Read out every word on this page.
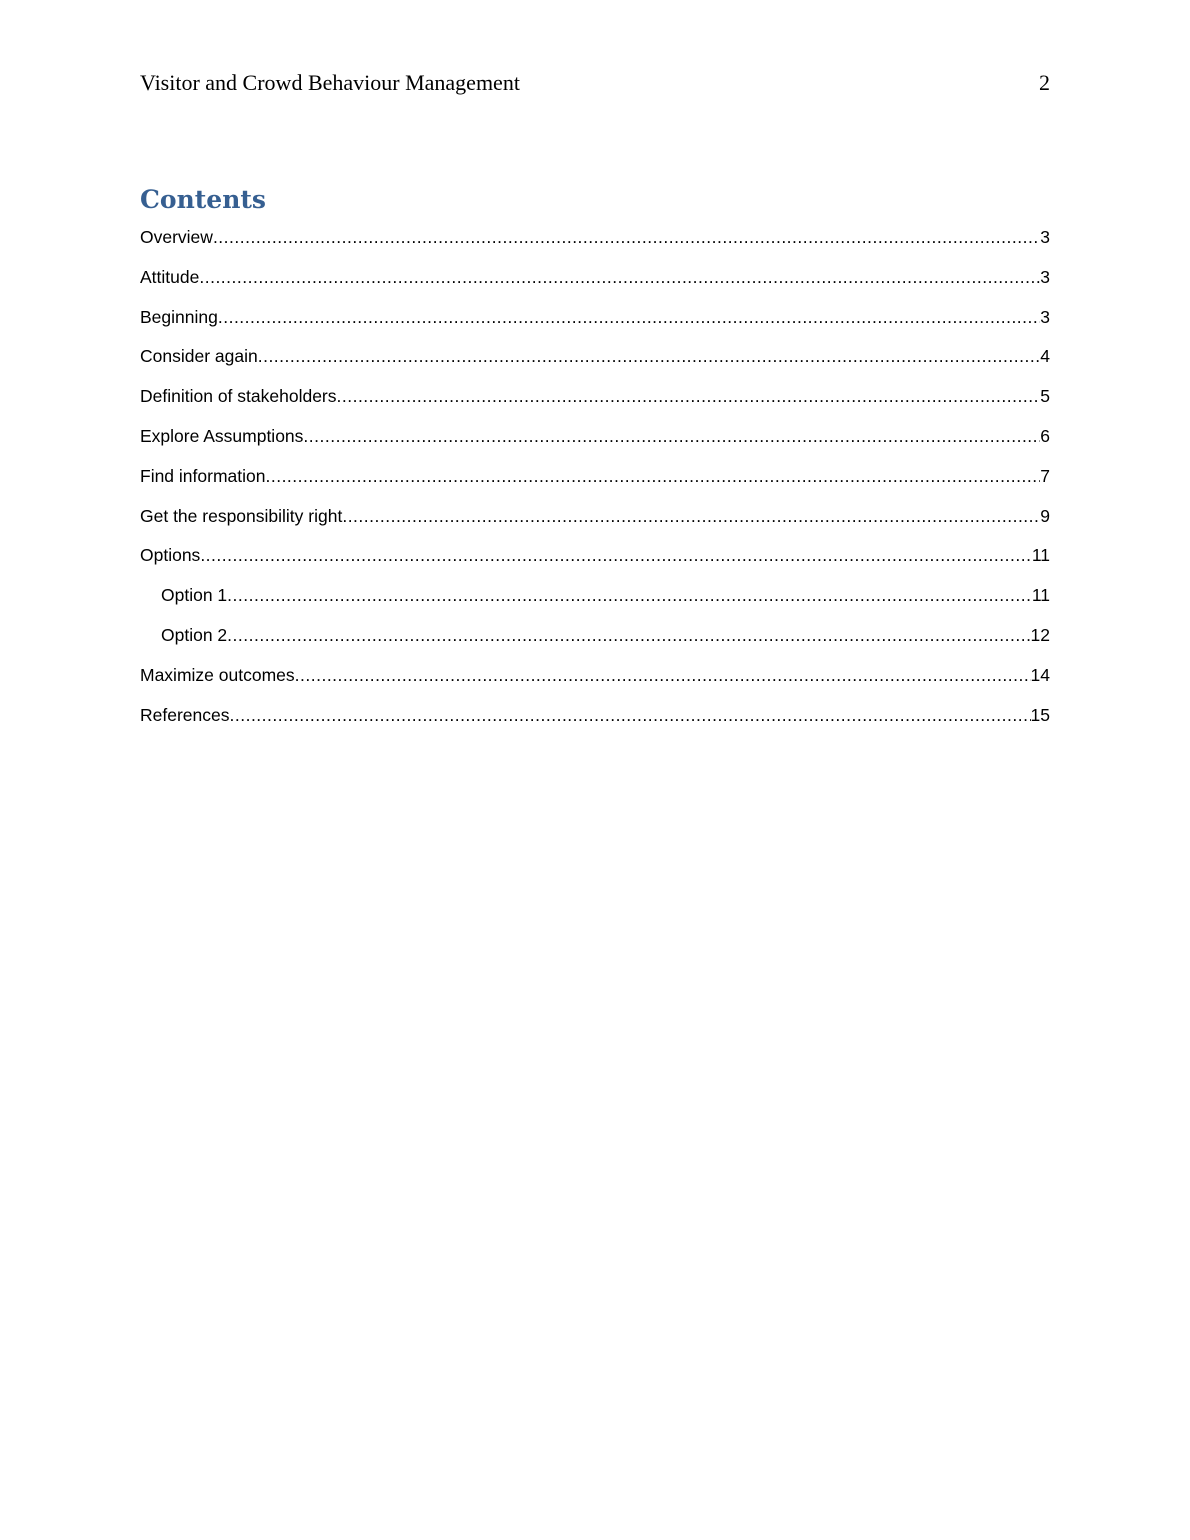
Visitor and Crowd Behaviour Management	2
Contents
Overview .....	3
Attitude .....	3
Beginning .....	3
Consider again .....	4
Definition of stakeholders .....	5
Explore Assumptions .....	6
Find information .....	7
Get the responsibility right .....	9
Options .....	11
Option 1 .....	11
Option 2 .....	12
Maximize outcomes .....	14
References .....	15
